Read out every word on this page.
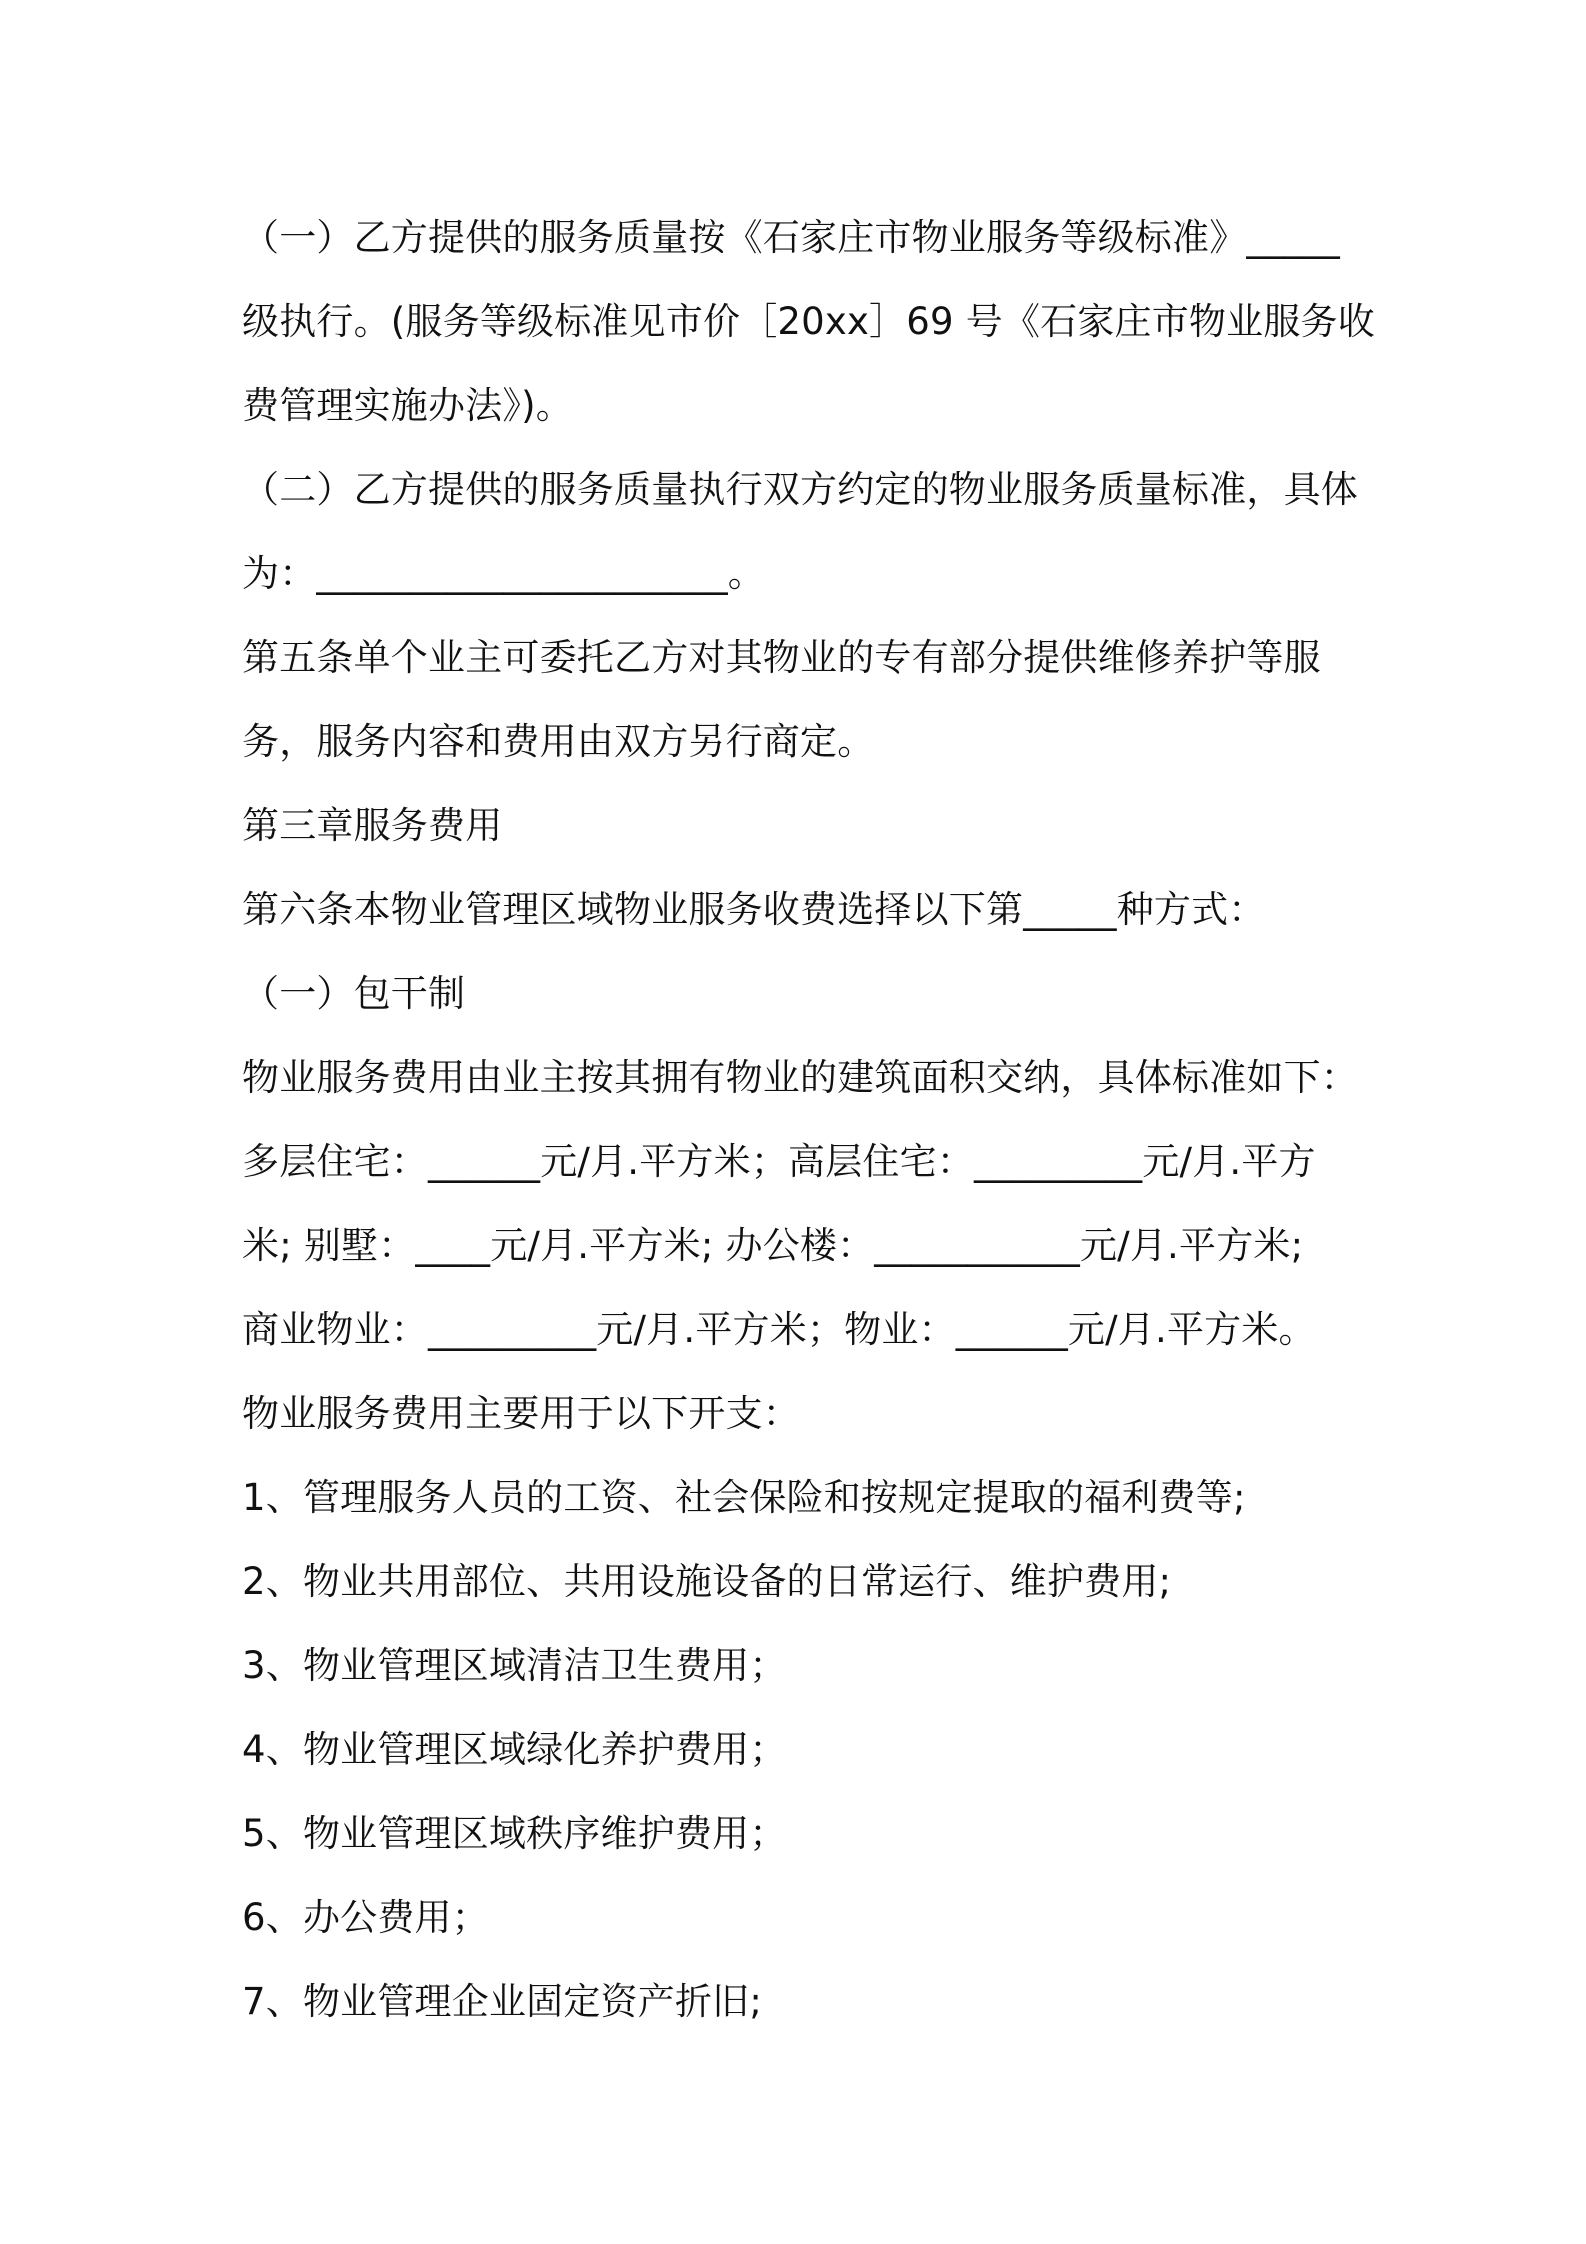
（一）乙方提供的服务质量按《石家庄市物业服务等级标准》_____
级执行。(服务等级标准见市价［20xx］69 号《石家庄市物业服务收
费管理实施办法》)。
（二）乙方提供的服务质量执行双方约定的物业服务质量标准，具体
为：______________________。
第五条单个业主可委托乙方对其物业的专有部分提供维修养护等服
务，服务内容和费用由双方另行商定。
第三章服务费用
第六条本物业管理区域物业服务收费选择以下第_____种方式：
（一）包干制
物业服务费用由业主按其拥有物业的建筑面积交纳，具体标准如下：
多层住宅：______元/月.平方米；高层住宅：_________元/月.平方
米; 别墅：____元/月.平方米; 办公楼：___________元/月.平方米;
商业物业：_________元/月.平方米；物业：______元/月.平方米。
物业服务费用主要用于以下开支：
1、管理服务人员的工资、社会保险和按规定提取的福利费等;
2、物业共用部位、共用设施设备的日常运行、维护费用;
3、物业管理区域清洁卫生费用；
4、物业管理区域绿化养护费用；
5、物业管理区域秩序维护费用；
6、办公费用；
7、物业管理企业固定资产折旧;
